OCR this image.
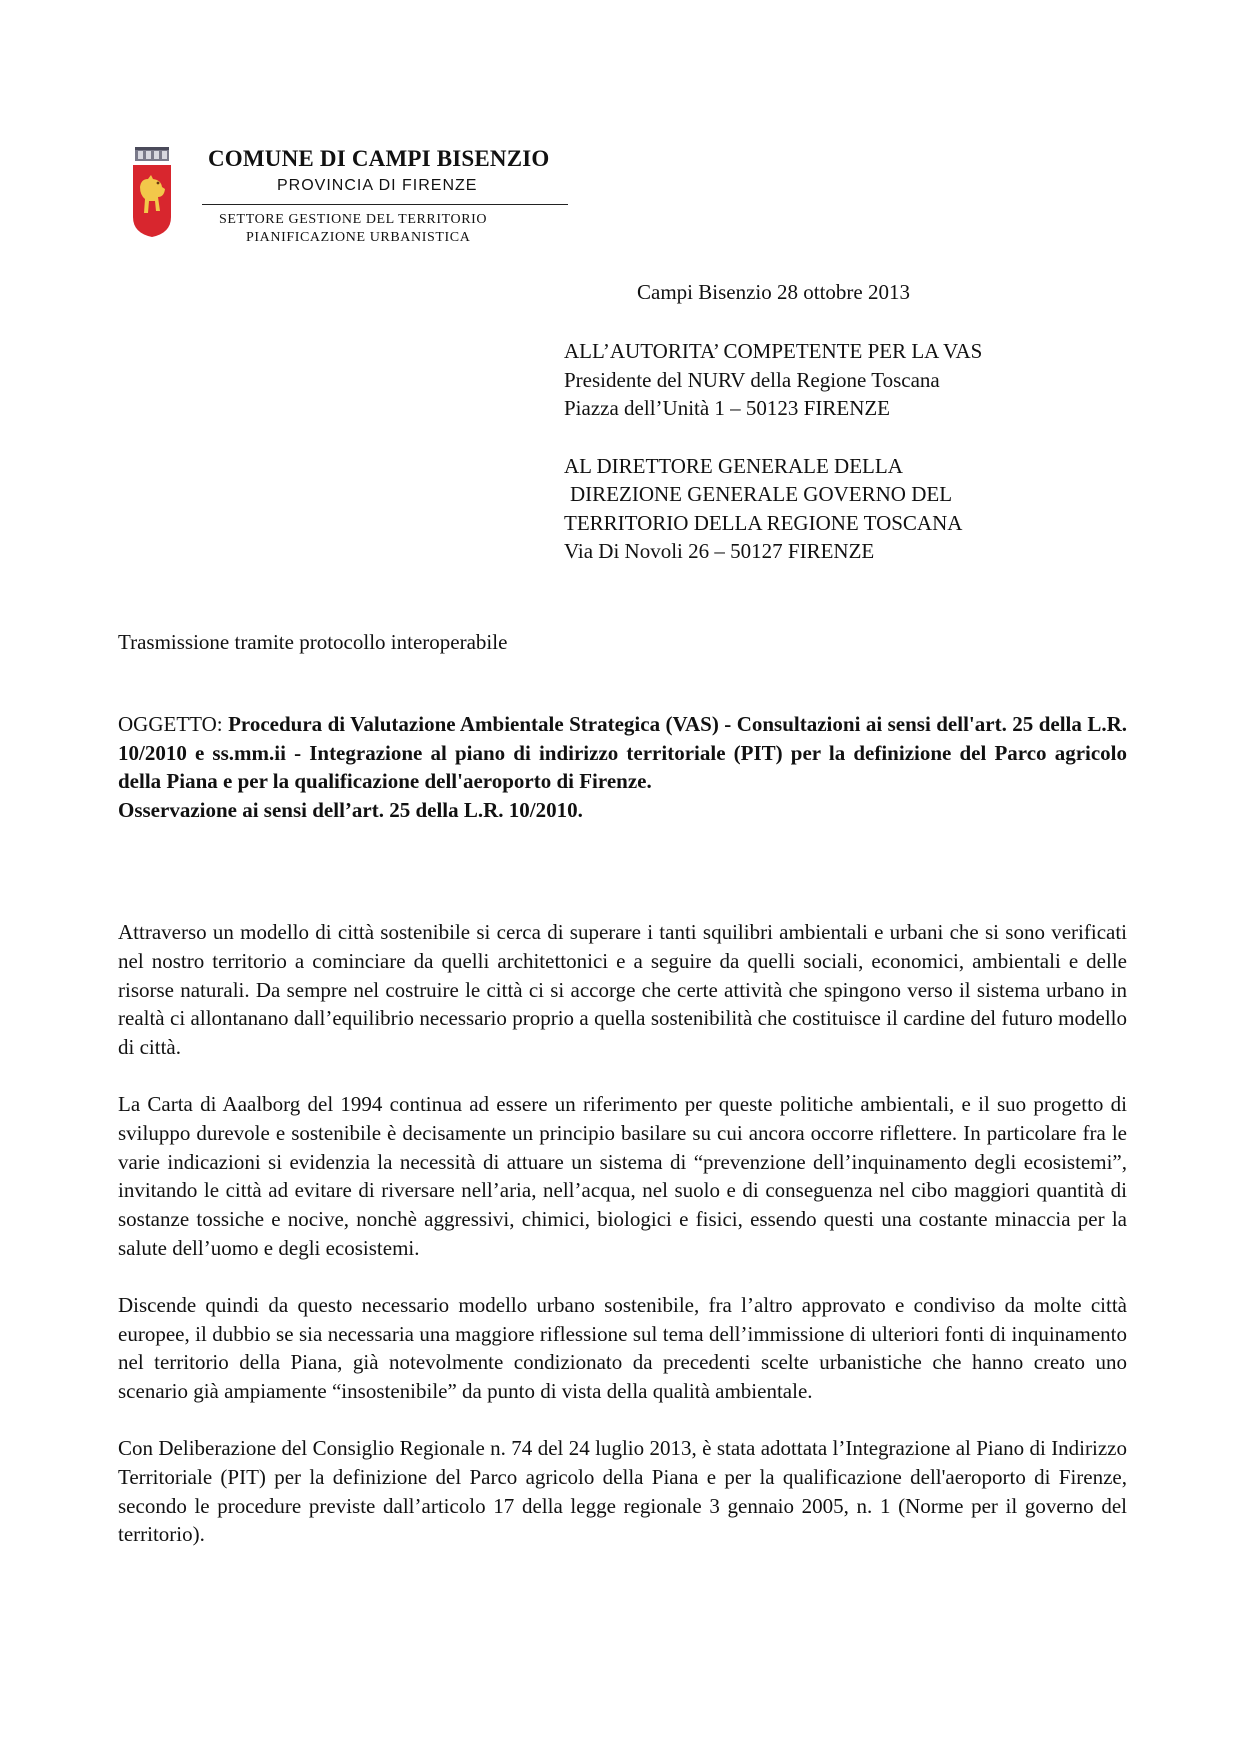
COMUNE DI CAMPI BISENZIO
PROVINCIA DI FIRENZE
SETTORE GESTIONE DEL TERRITORIO
PIANIFICAZIONE URBANISTICA
Campi Bisenzio 28 ottobre 2013
ALL’AUTORITA’ COMPETENTE PER LA VAS
Presidente del NURV della Regione Toscana
Piazza dell’Unità 1 – 50123 FIRENZE
AL DIRETTORE GENERALE DELLA
DIREZIONE GENERALE GOVERNO DEL
TERRITORIO DELLA REGIONE TOSCANA
Via Di Novoli 26 – 50127 FIRENZE
Trasmissione tramite protocollo interoperabile
OGGETTO: Procedura di Valutazione Ambientale Strategica (VAS) - Consultazioni ai sensi dell'art. 25 della L.R. 10/2010 e ss.mm.ii - Integrazione al piano di indirizzo territoriale (PIT) per la definizione del Parco agricolo della Piana e per la qualificazione dell'aeroporto di Firenze.
Osservazione ai sensi dell’art. 25 della L.R. 10/2010.

Attraverso un modello di città sostenibile si cerca di superare i tanti squilibri ambientali e urbani che si sono verificati nel nostro territorio a cominciare da quelli architettonici e a seguire da quelli sociali, economici, ambientali e delle risorse naturali. Da sempre nel costruire le città ci si accorge che certe attività che spingono verso il sistema urbano in realtà ci allontanano dall’equilibrio necessario proprio a quella sostenibilità che costituisce il cardine del futuro modello di città.

La Carta di Aaalborg del 1994 continua ad essere un riferimento per queste politiche ambientali, e il suo progetto di sviluppo durevole e sostenibile è decisamente un principio basilare su cui ancora occorre riflettere. In particolare fra le varie indicazioni si evidenzia la necessità di attuare un sistema di “prevenzione dell’inquinamento degli ecosistemi”, invitando le città ad evitare di riversare nell’aria, nell’acqua, nel suolo e di conseguenza nel cibo maggiori quantità di sostanze tossiche e nocive, nonchè aggressivi, chimici, biologici e fisici, essendo questi una costante minaccia per la salute dell’uomo e degli ecosistemi.

Discende quindi da questo necessario modello urbano sostenibile, fra l’altro approvato e condiviso da molte città europee, il dubbio se sia necessaria una maggiore riflessione sul tema dell’immissione di ulteriori fonti di inquinamento nel territorio della Piana, già notevolmente condizionato da precedenti scelte urbanistiche che hanno creato uno scenario già ampiamente “insostenibile” da punto di vista della qualità ambientale.

Con Deliberazione del Consiglio Regionale n. 74 del 24 luglio 2013, è stata adottata l’Integrazione al Piano di Indirizzo Territoriale (PIT) per la definizione del Parco agricolo della Piana e per la qualificazione dell'aeroporto di Firenze, secondo le procedure previste dall’articolo 17 della legge regionale 3 gennaio 2005, n. 1 (Norme per il governo del territorio).
